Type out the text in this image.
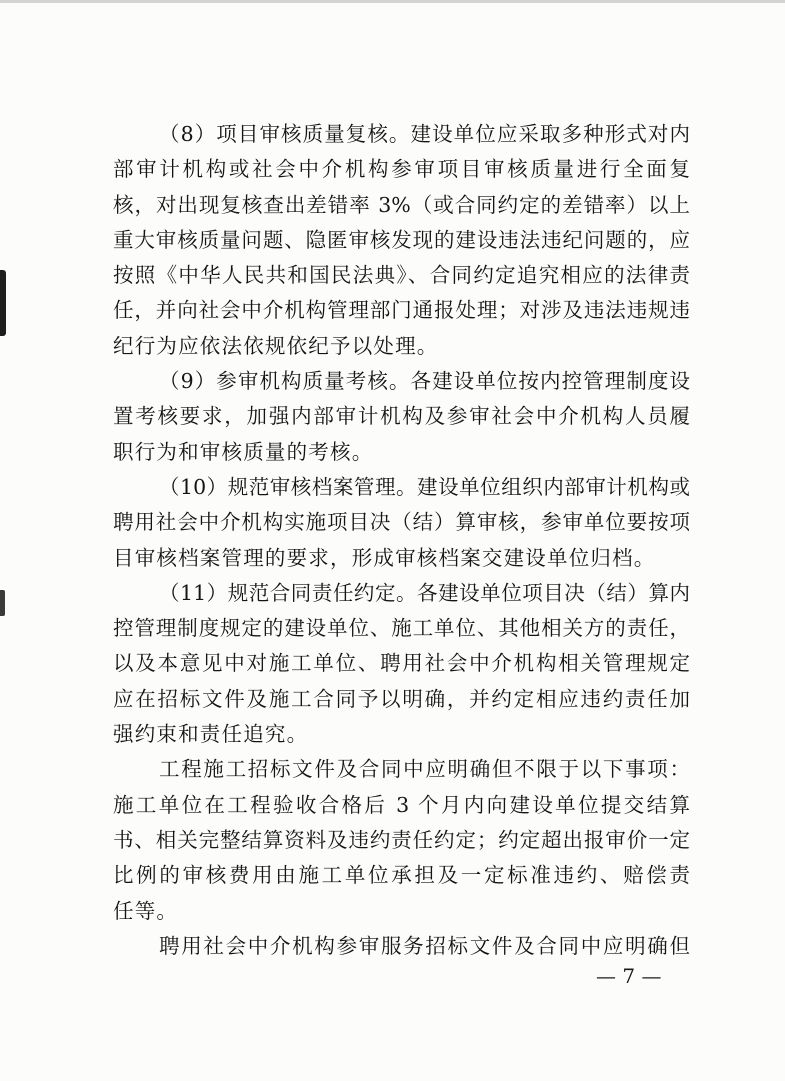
（8）项目审核质量复核。建设单位应采取多种形式对内
部审计机构或社会中介机构参审项目审核质量进行全面复
核，对出现复核查出差错率 3%（或合同约定的差错率）以上
重大审核质量问题、隐匿审核发现的建设违法违纪问题的，应
按照《中华人民共和国民法典》、合同约定追究相应的法律责
任，并向社会中介机构管理部门通报处理；对涉及违法违规违
纪行为应依法依规依纪予以处理。
（9）参审机构质量考核。各建设单位按内控管理制度设
置考核要求，加强内部审计机构及参审社会中介机构人员履
职行为和审核质量的考核。
（10）规范审核档案管理。建设单位组织内部审计机构或
聘用社会中介机构实施项目决（结）算审核，参审单位要按项
目审核档案管理的要求，形成审核档案交建设单位归档。
（11）规范合同责任约定。各建设单位项目决（结）算内
控管理制度规定的建设单位、施工单位、其他相关方的责任，
以及本意见中对施工单位、聘用社会中介机构相关管理规定
应在招标文件及施工合同予以明确，并约定相应违约责任加
强约束和责任追究。
工程施工招标文件及合同中应明确但不限于以下事项：
施工单位在工程验收合格后 3 个月内向建设单位提交结算
书、相关完整结算资料及违约责任约定；约定超出报审价一定
比例的审核费用由施工单位承担及一定标准违约、赔偿责
任等。
聘用社会中介机构参审服务招标文件及合同中应明确但
— 7 —
